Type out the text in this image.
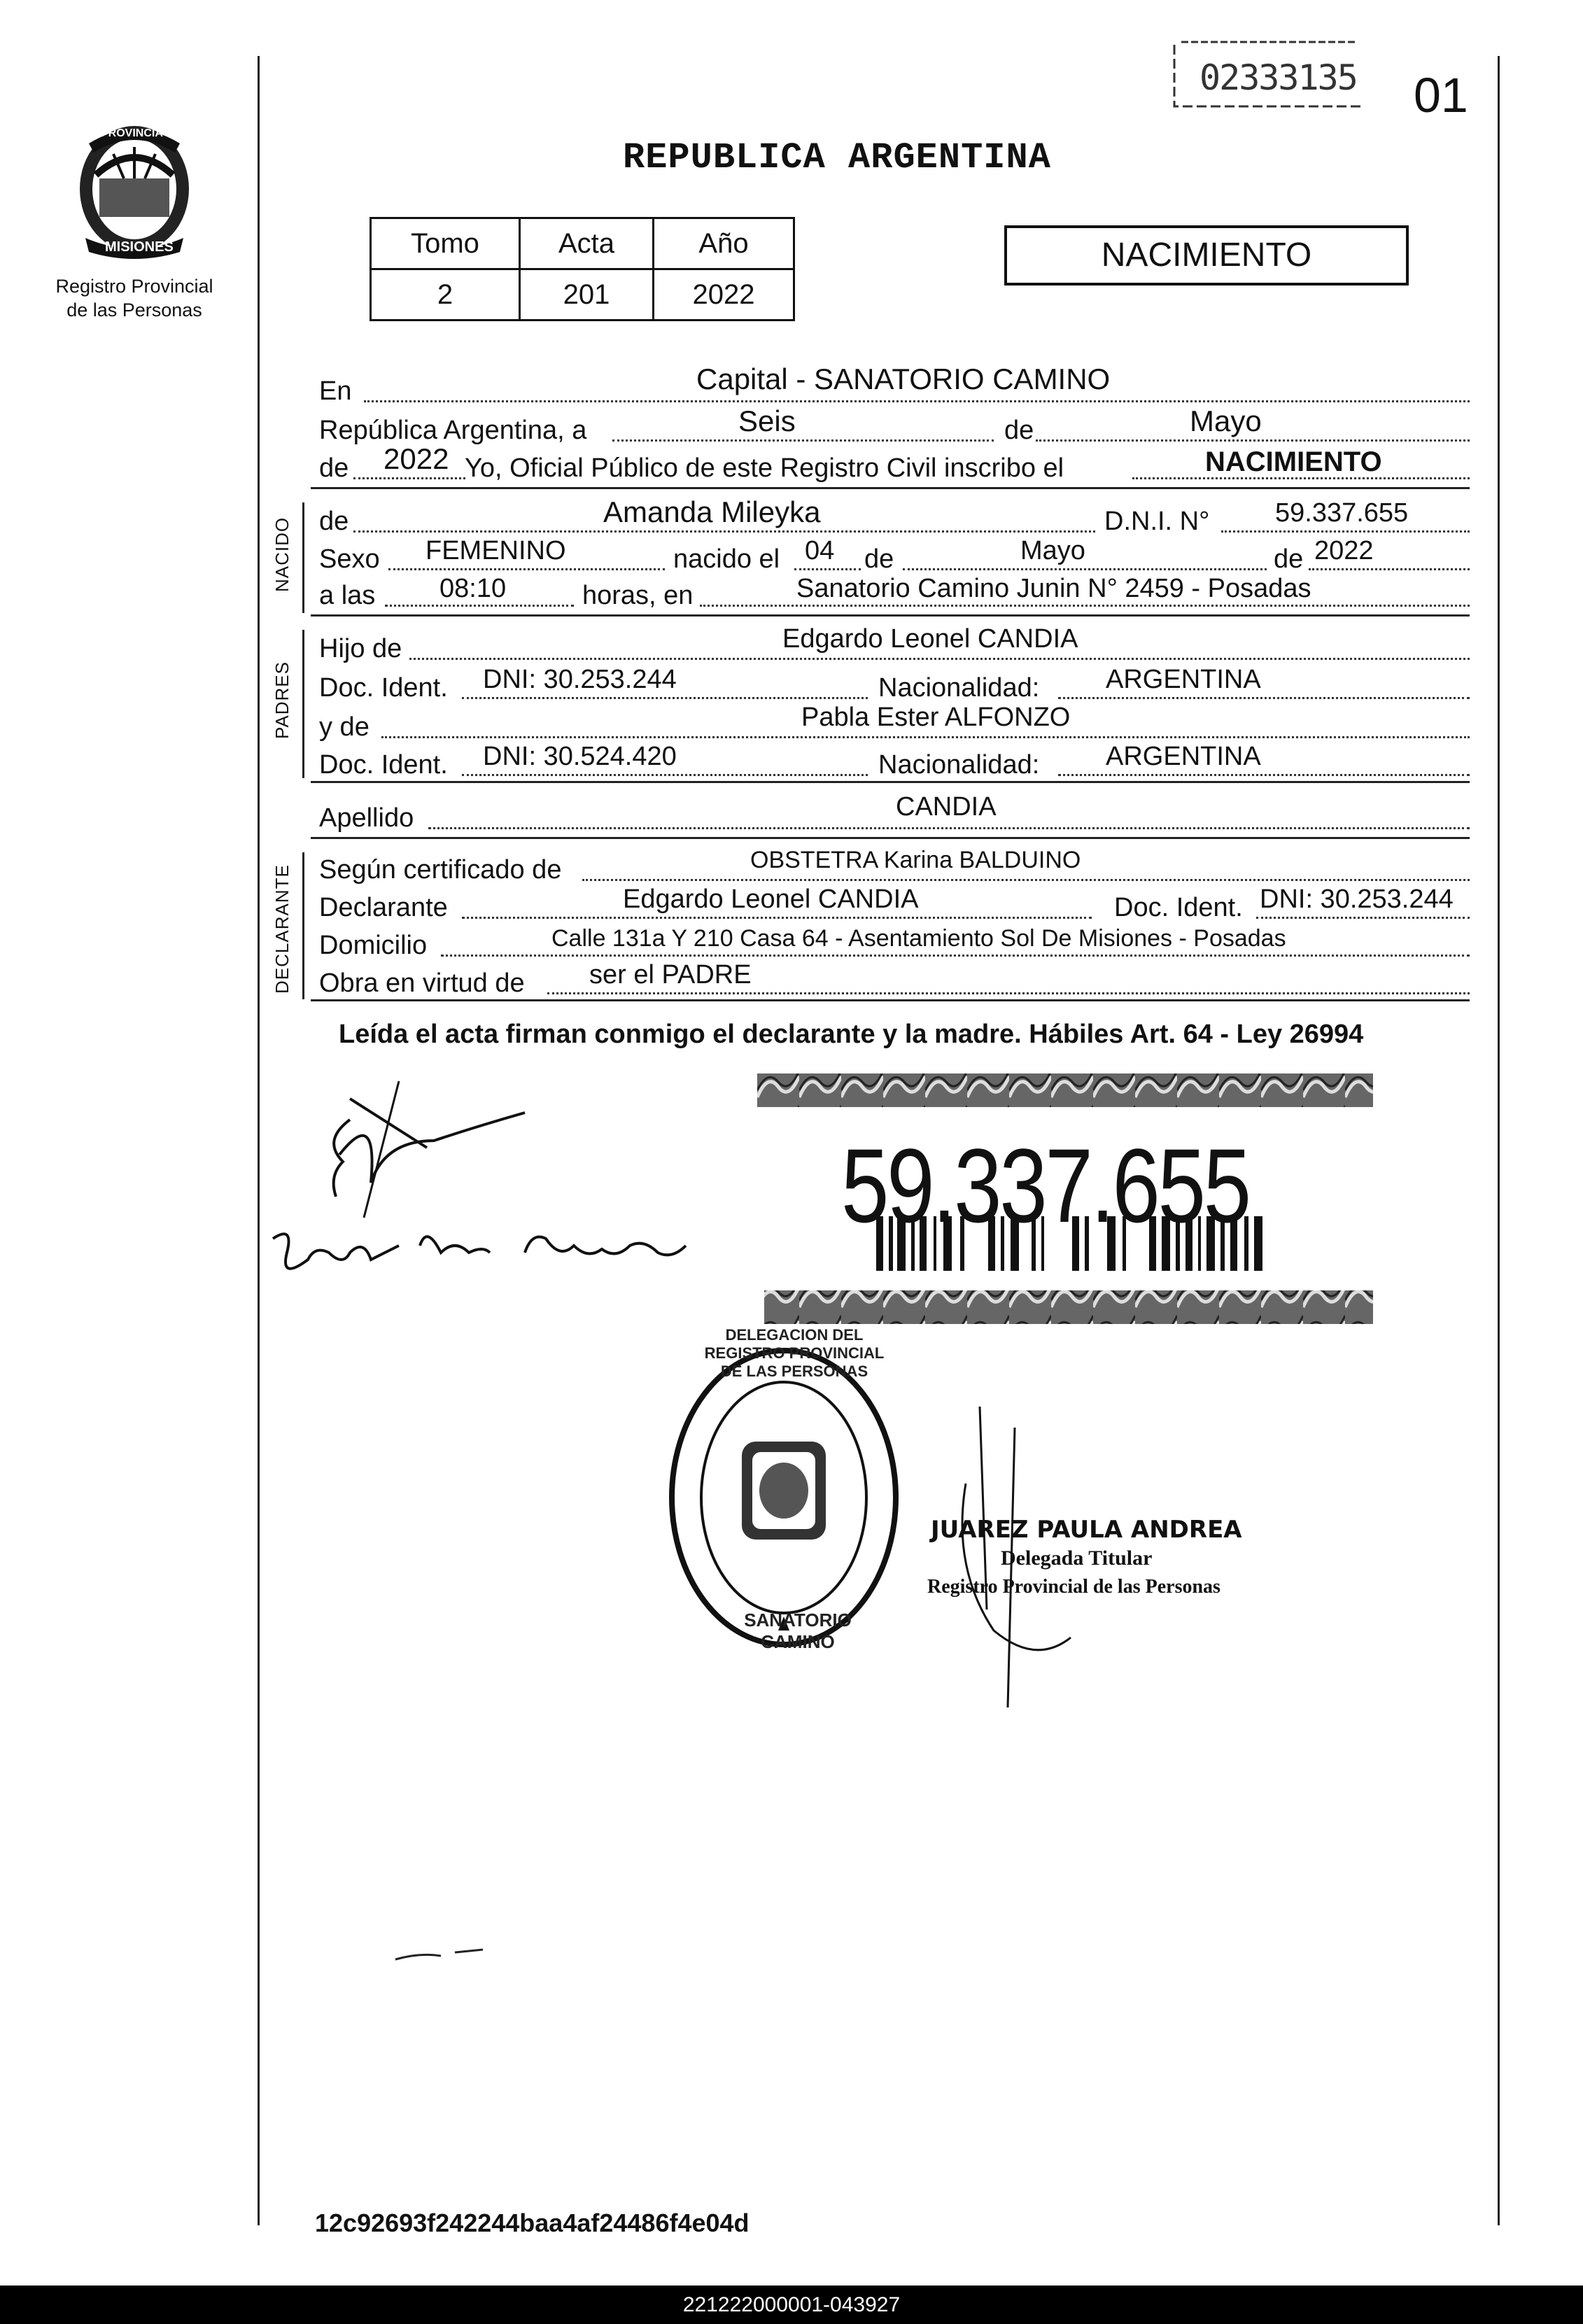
PROVINCIA DE
MISIONES
Registro Provincial
de las Personas
02333135 01
REPUBLICA ARGENTINA
Tomo	Acta	Año
2	201	2022
NACIMIENTO
En	Capital - SANATORIO CAMINO
República Argentina, a	Seis	de	Mayo
de 2022 Yo, Oficial Público de este Registro Civil inscribo el	NACIMIENTO
NACIDO de	Amanda Mileyka	D.N.I. N° 59.337.655
Sexo FEMENINO	nacido el 04 de	Mayo	de 2022
a las 08:10	horas, en	Sanatorio Camino Junin N° 2459 - Posadas
PADRES
Hijo de	Edgardo Leonel CANDIA
Doc. Ident. DNI: 30.253.244	Nacionalidad: ARGENTINA
y de	Pabla Ester ALFONZO
Doc. Ident. DNI: 30.524.420	Nacionalidad: ARGENTINA
Apellido	CANDIA
DECLARANTE Según certificado de	OBSTETRA Karina BALDUINO
Declarante	Edgardo Leonel CANDIA	Doc. Ident. DNI: 30.253.244
Domicilio	Calle 131a Y 210 Casa 64 - Asentamiento Sol De Misiones - Posadas
Obra en virtud de ser el PADRE
Leída el acta firman conmigo el declarante y la madre. Hábiles Art. 64 - Ley 26994
59.337.655
DELEGACION DEL REGISTRO PROVINCIAL DE LAS PERSONAS
SANATORIO CAMINO
JUAREZ PAULA ANDREA
Delegada Titular
Registro Provincial de las Personas
12c92693f242244baa4af24486f4e04d
221222000001-043927
